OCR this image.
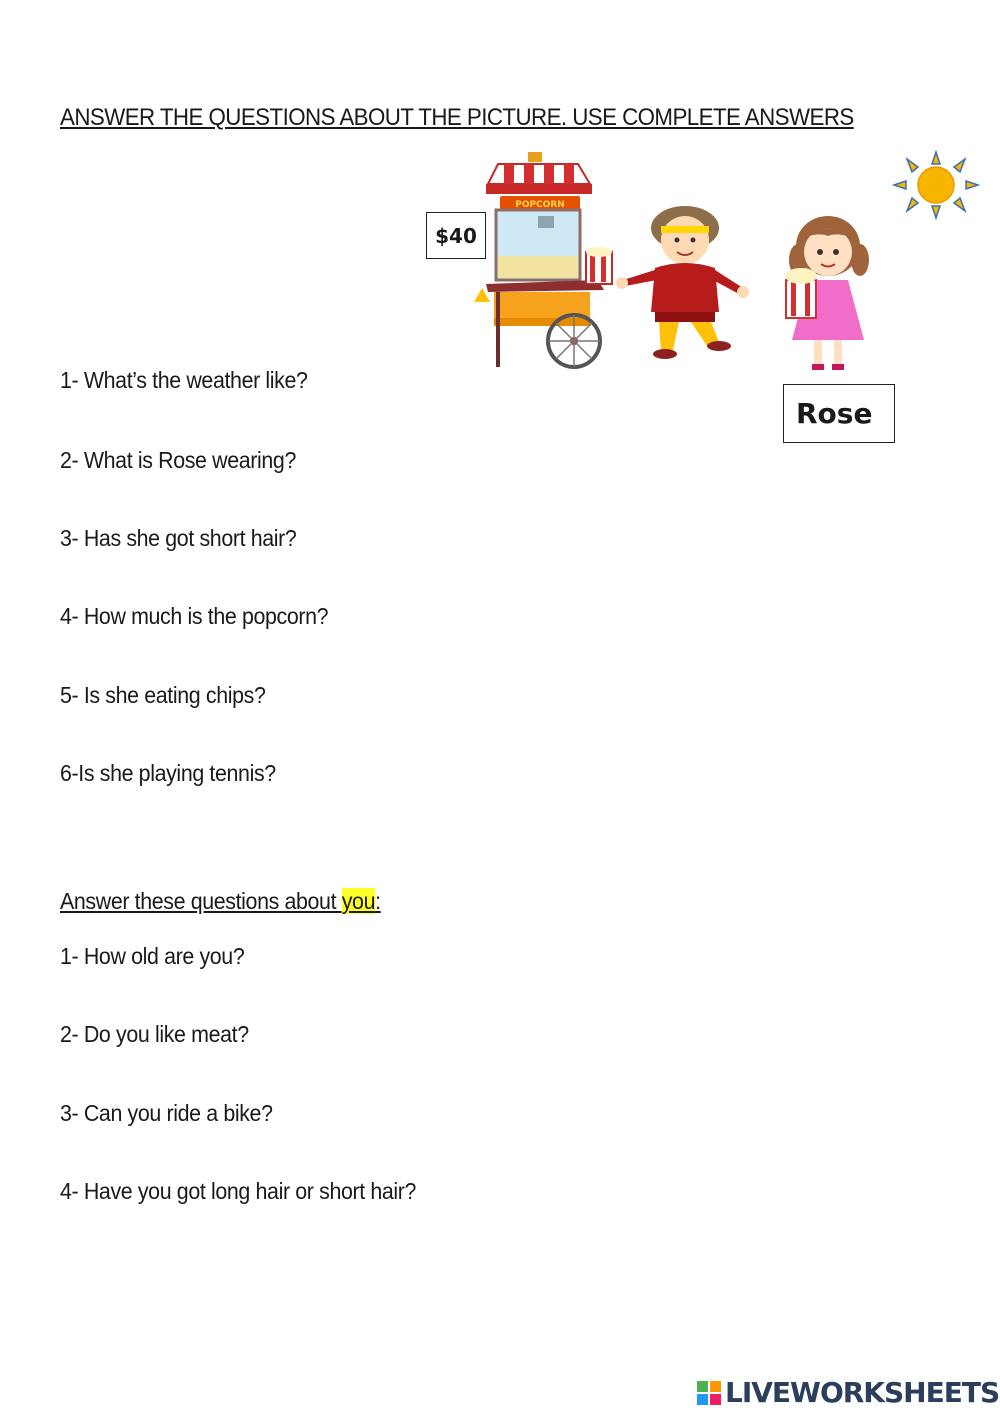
ANSWER THE QUESTIONS ABOUT THE PICTURE. USE COMPLETE ANSWERS
POPCORN
$40
Rose
1- What’s the weather like?
2- What is Rose wearing?
3- Has she got short hair?
4- How much is the popcorn?
5- Is she eating chips?
6-Is she playing tennis?
Answer these questions about you:
1- How old are you?
2- Do you like meat?
3- Can you ride a bike?
4- Have you got long hair or short hair?
LIVEWORKSHEETS
